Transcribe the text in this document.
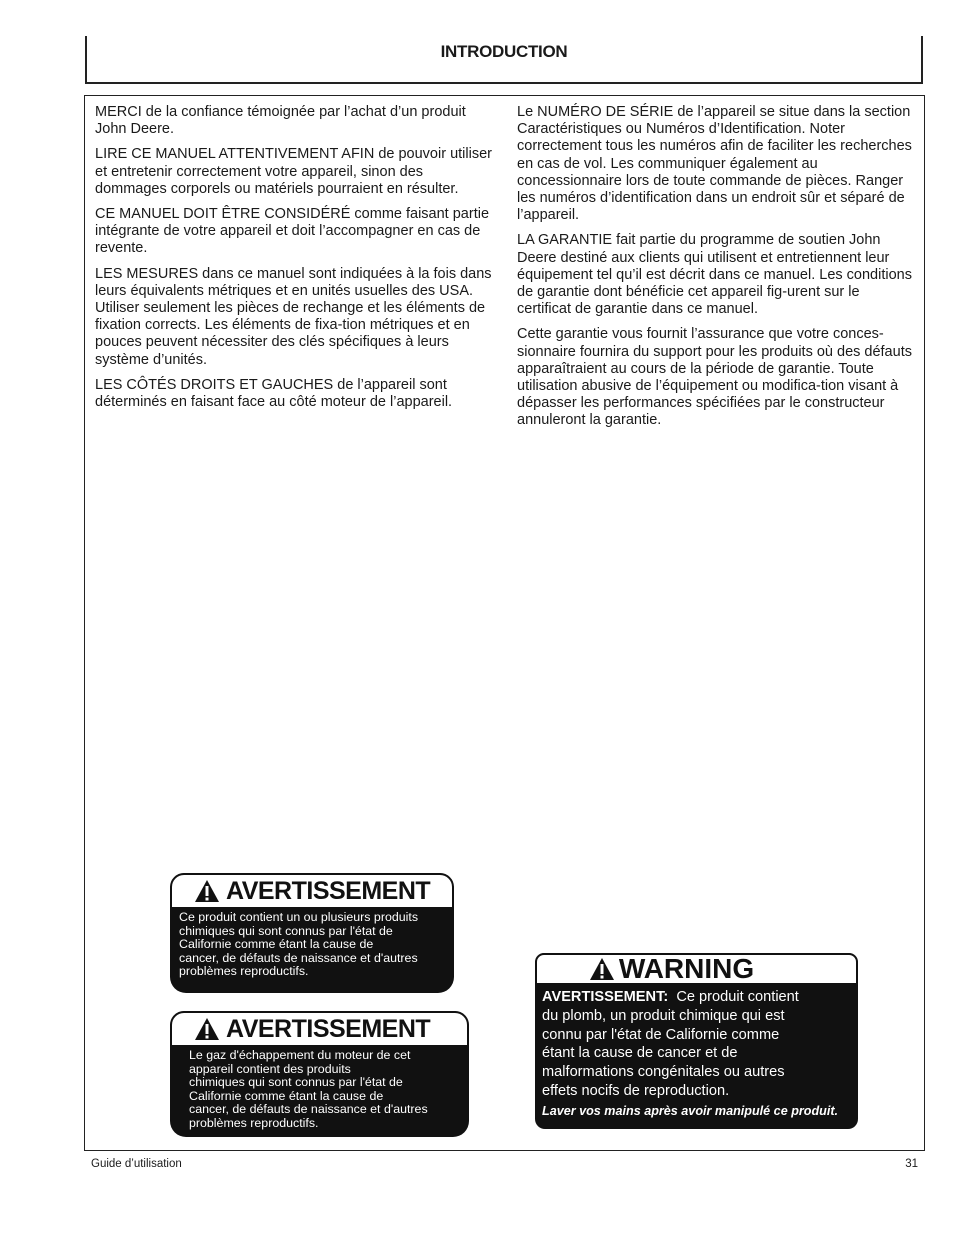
INTRODUCTION

MERCI de la confiance témoignée par l’achat d’un produit John Deere.

LIRE CE MANUEL ATTENTIVEMENT AFIN de pouvoir utiliser et entretenir correctement votre appareil, sinon des dommages corporels ou matériels pourraient en résulter.

CE MANUEL DOIT ÊTRE CONSIDÉRÉ comme faisant partie intégrante de votre appareil et doit l’accompagner en cas de revente.

LES MESURES dans ce manuel sont indiquées à la fois dans leurs équivalents métriques et en unités usuelles des USA. Utiliser seulement les pièces de rechange et les éléments de fixation corrects. Les éléments de fixa-tion métriques et en pouces peuvent nécessiter des clés spécifiques à leurs système d’unités.

LES CÔTÉS DROITS ET GAUCHES de l’appareil sont déterminés en faisant face au côté moteur de l’appareil.

Le NUMÉRO DE SÉRIE de l’appareil se situe dans la section Caractéristiques ou Numéros d’Identification. Noter correctement tous les numéros afin de faciliter les recherches en cas de vol. Les communiquer également au concessionnaire lors de toute commande de pièces. Ranger les numéros d’identification dans un endroit sûr et séparé de l’appareil.

LA GARANTIE fait partie du programme de soutien John Deere destiné aux clients qui utilisent et entretiennent leur équipement tel qu’il est décrit dans ce manuel. Les conditions de garantie dont bénéficie cet appareil fig-urent sur le certificat de garantie dans ce manuel.

Cette garantie vous fournit l’assurance que votre conces-sionnaire fournira du support pour les produits où des défauts apparaîtraient au cours de la période de garantie. Toute utilisation abusive de l’équipement ou modifica-tion visant à dépasser les performances spécifiées par le constructeur annuleront la garantie.

AVERTISSEMENT
Ce produit contient un ou plusieurs produits
chimiques qui sont connus par l'état de
Californie comme étant la cause de
cancer, de défauts de naissance et d'autres
problèmes reproductifs.
AVERTISSEMENT
Le gaz d'échappement du moteur de cet
appareil contient des produits
chimiques qui sont connus par l'état de
Californie comme étant la cause de
cancer, de défauts de naissance et d'autres
problèmes reproductifs.
WARNING
AVERTISSEMENT:  Ce produit contient
du plomb, un produit chimique qui est
connu par l'état de Californie comme
étant la cause de cancer et de
malformations congénitales ou autres
effets nocifs de reproduction.
Laver vos mains après avoir manipulé ce produit.
Guide d’utilisation	31
